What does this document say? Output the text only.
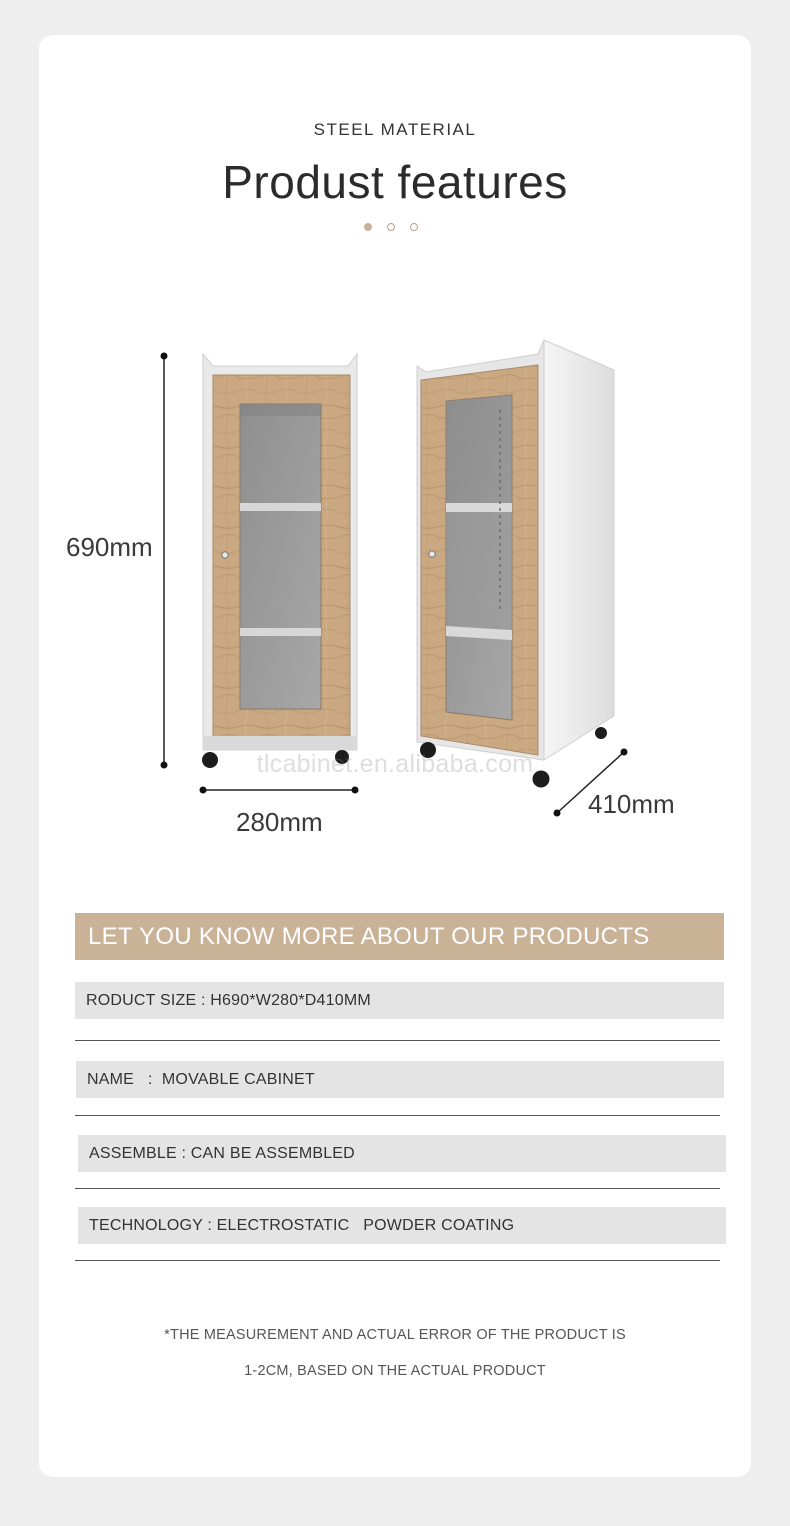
STEEL MATERIAL
Produst features
tlcabinet.en.alibaba.com
690mm
280mm
410mm
LET YOU KNOW MORE ABOUT OUR PRODUCTS
RODUCT SIZE : H690*W280*D410MM
NAME   :  MOVABLE CABINET
ASSEMBLE : CAN BE ASSEMBLED
TECHNOLOGY : ELECTROSTATIC   POWDER COATING
*THE MEASUREMENT AND ACTUAL ERROR OF THE PRODUCT IS
1-2CM, BASED ON THE ACTUAL PRODUCT
